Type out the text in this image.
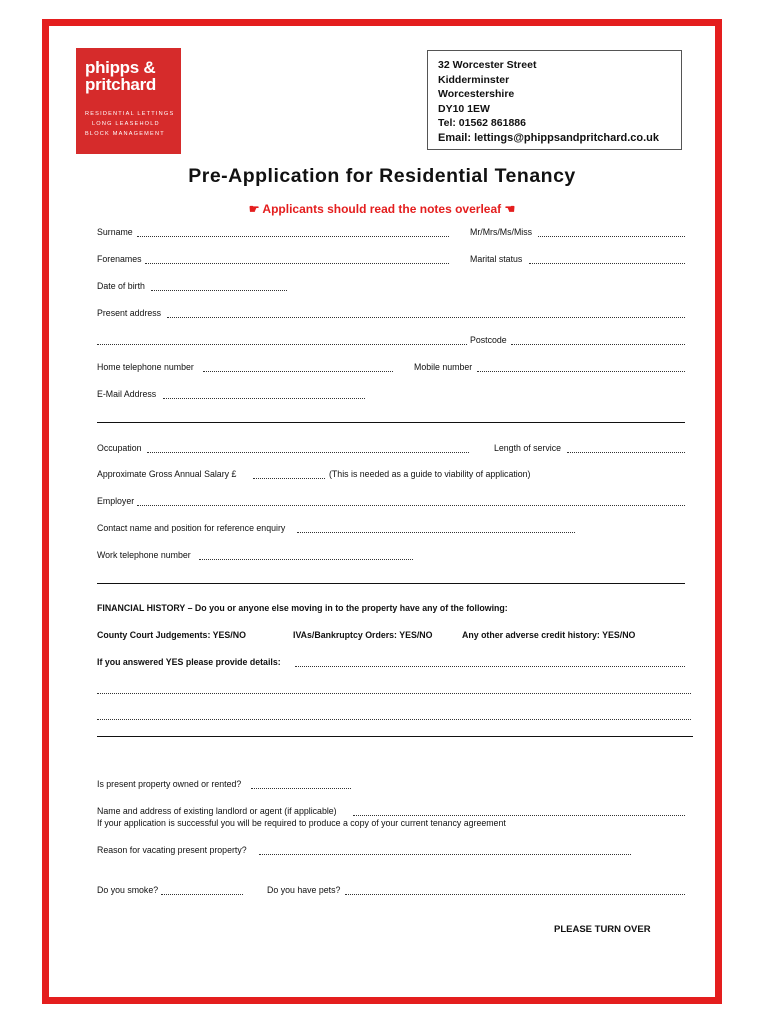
phipps &
pritchard
RESIDENTIAL LETTINGS
LONG LEASEHOLD
BLOCK MANAGEMENT
32 Worcester Street
Kidderminster
Worcestershire
DY10 1EW
Tel: 01562 861886
Email: lettings@phippsandpritchard.co.uk
Pre-Application for Residential Tenancy
☛ Applicants should read the notes overleaf ☚
Surname	Mr/Mrs/Ms/Miss
Forenames	Marital status
Date of birth
Present address
Postcode
Home telephone number	Mobile number
E-Mail Address
Occupation	Length of service
Approximate Gross Annual Salary £	(This is needed as a guide to viability of application)
Employer
Contact name and position for reference enquiry
Work telephone number
FINANCIAL HISTORY – Do you or anyone else moving in to the property have any of the following:
County Court Judgements: YES/NO	IVAs/Bankruptcy Orders: YES/NO	Any other adverse credit history: YES/NO
If you answered YES please provide details:
Is present property owned or rented?
Name and address of existing landlord or agent (if applicable)
If your application is successful you will be required to produce a copy of your current tenancy agreement
Reason for vacating present property?
Do you smoke?	Do you have pets?
PLEASE TURN OVER
